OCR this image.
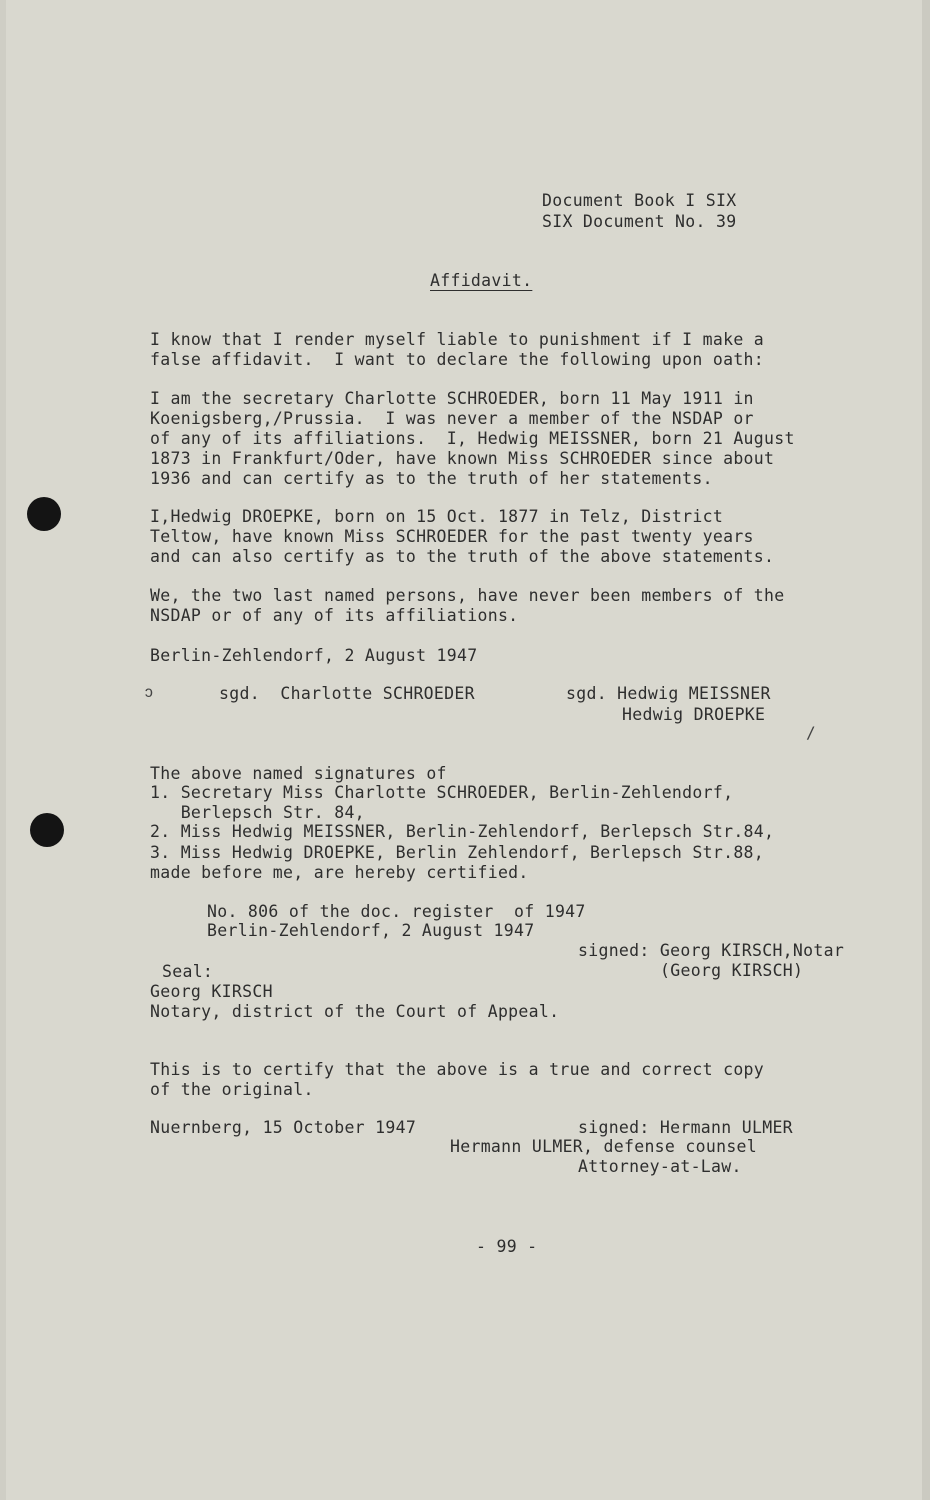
Document Book I SIX
SIX Document No. 39
Affidavit.
I know that I render myself liable to punishment if I make a
false affidavit.  I want to declare the following upon oath:
I am the secretary Charlotte SCHROEDER, born 11 May 1911 in
Koenigsberg,/Prussia.  I was never a member of the NSDAP or
of any of its affiliations.  I, Hedwig MEISSNER, born 21 August
1873 in Frankfurt/Oder, have known Miss SCHROEDER since about
1936 and can certify as to the truth of her statements.
I,Hedwig DROEPKE, born on 15 Oct. 1877 in Telz, District
Teltow, have known Miss SCHROEDER for the past twenty years
and can also certify as to the truth of the above statements.
We, the two last named persons, have never been members of the
NSDAP or of any of its affiliations.
Berlin-Zehlendorf, 2 August 1947
ↄ	sgd.  Charlotte SCHROEDER	sgd. Hedwig MEISSNER
Hedwig DROEPKE
/
The above named signatures of
1. Secretary Miss Charlotte SCHROEDER, Berlin-Zehlendorf,
Berlepsch Str. 84,
2. Miss Hedwig MEISSNER, Berlin-Zehlendorf, Berlepsch Str.84,
3. Miss Hedwig DROEPKE, Berlin Zehlendorf, Berlepsch Str.88,
made before me, are hereby certified.
No. 806 of the doc. register  of 1947
Berlin-Zehlendorf, 2 August 1947
signed: Georg KIRSCH,Notar
(Georg KIRSCH)
Seal:
Georg KIRSCH
Notary, district of the Court of Appeal.
This is to certify that the above is a true and correct copy
of the original.
Nuernberg, 15 October 1947	signed: Hermann ULMER
Hermann ULMER, defense counsel
Attorney-at-Law.
- 99 -
